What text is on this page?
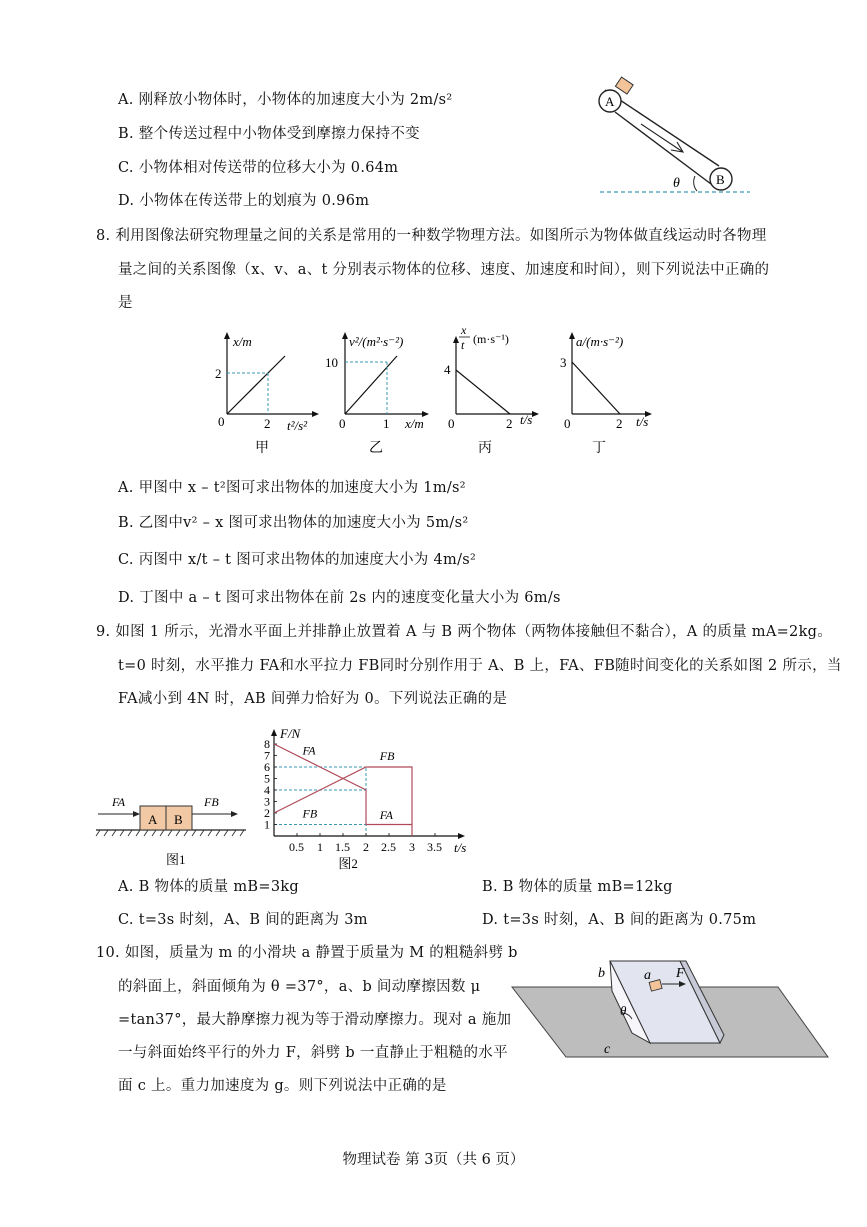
A. 刚释放小物体时，小物体的加速度大小为 2m/s²
B. 整个传送过程中小物体受到摩擦力保持不变
C. 小物体相对传送带的位移大小为 0.64m
D. 小物体在传送带上的划痕为 0.96m
A
B
θ
8. 利用图像法研究物理量之间的关系是常用的一种数学物理方法。如图所示为物体做直线运动时各物理
量之间的关系图像（x、v、a、t 分别表示物体的位移、速度、加速度和时间），则下列说法中正确的
是
x/m
2
0	2 t²/s²
甲
v²/(m²·s⁻²)
10
0	1 x/m
乙
x
t (m·s⁻¹)
4
0	2 t/s
丙
a/(m·s⁻²)
3
0	2 t/s
丁
A. 甲图中 x – t²图可求出物体的加速度大小为 1m/s²
B. 乙图中v² – x 图可求出物体的加速度大小为 5m/s²
C. 丙图中 x/t – t 图可求出物体的加速度大小为 4m/s²
D. 丁图中 a – t 图可求出物体在前 2s 内的速度变化量大小为 6m/s
9. 如图 1 所示，光滑水平面上并排静止放置着 A 与 B 两个物体（两物体接触但不黏合），A 的质量 mA=2kg。
t=0 时刻，水平推力 FA和水平拉力 FB同时分别作用于 A、B 上，FA、FB随时间变化的关系如图 2 所示，当
FA减小到 4N 时，AB 间弹力恰好为 0。下列说法正确的是
A B
FA	FB
图1
1
2
3
4
5
6
7
8
0.5 1 1.5 2 2.5 3 3.5
F/N
t/s
FA	FB
FB	FA
图2
A. B 物体的质量 mB=3kg	B. B 物体的质量 mB=12kg
C. t=3s 时刻，A、B 间的距离为 3m	D. t=3s 时刻，A、B 间的距离为 0.75m
10. 如图，质量为 m 的小滑块 a 静置于质量为 M 的粗糙斜劈 b
的斜面上，斜面倾角为 θ =37°，a、b 间动摩擦因数 μ
=tan37°，最大静摩擦力视为等于滑动摩擦力。现对 a 施加
一与斜面始终平行的外力 F，斜劈 b 一直静止于粗糙的水平
面 c 上。重力加速度为 g。则下列说法中正确的是
b	a F
θ
c
物理试卷 第 3页（共 6 页）
